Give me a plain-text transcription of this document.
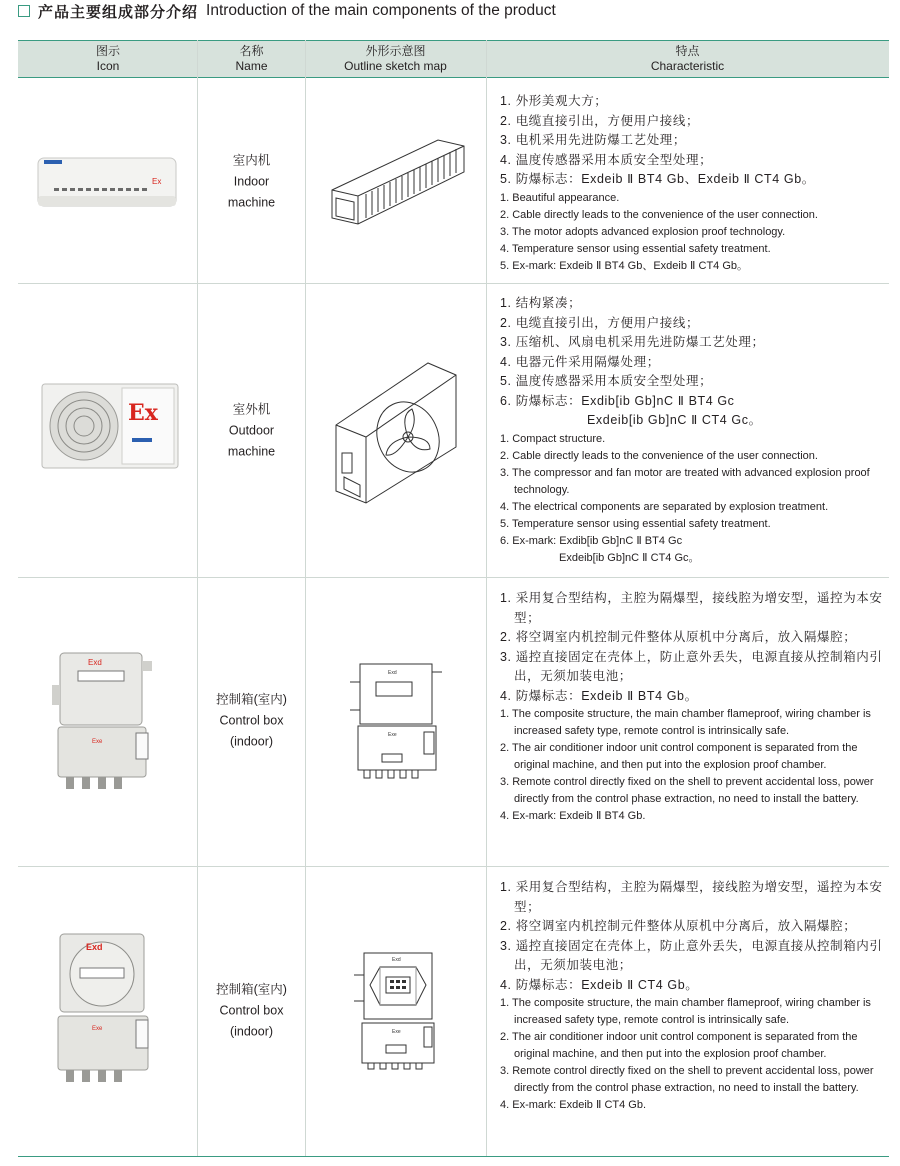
产品主要组成部分介绍 Introduction of the main components of the product
图示
Icon
名称
Name
外形示意图
Outline sketch map
特点
Characteristic
Ex
室内机
Indoor
machine
1. 外形美观大方；
2. 电缆直接引出，方便用户接线；
3. 电机采用先进防爆工艺处理；
4. 温度传感器采用本质安全型处理；
5. 防爆标志：Exdeib Ⅱ BT4 Gb、Exdeib Ⅱ CT4 Gb。
1. Beautiful appearance.
2. Cable directly leads to the convenience of the user connection.
3. The motor adopts advanced explosion proof technology.
4. Temperature sensor using essential safety treatment.
5. Ex-mark: Exdeib Ⅱ BT4 Gb、Exdeib Ⅱ CT4 Gb。
Ex	室外机
Outdoor
machine
1. 结构紧凑；
2. 电缆直接引出，方便用户接线；
3. 压缩机、风扇电机采用先进防爆工艺处理；
4. 电器元件采用隔爆处理；
5. 温度传感器采用本质安全型处理；
6. 防爆标志：Exdib[ib Gb]nC Ⅱ BT4 Gc
Exdeib[ib Gb]nC Ⅱ CT4 Gc。
1. Compact structure.
2. Cable directly leads to the convenience of the user connection.
3. The compressor and fan motor are treated with advanced explosion proof technology.
4. The electrical components are separated by explosion treatment.
5. Temperature sensor using essential safety treatment.
6. Ex-mark: Exdib[ib Gb]nC Ⅱ BT4 Gc
Exdeib[ib Gb]nC Ⅱ CT4 Gc。
Exd
Exe
控制箱(室内)
Control box
(indoor)
Exd
Exe
1. 采用复合型结构，主腔为隔爆型，接线腔为增安型，遥控为本安型；
2. 将空调室内机控制元件整体从原机中分离后，放入隔爆腔；
3. 遥控直接固定在壳体上，防止意外丢失，电源直接从控制箱内引出，无须加装电池；
4. 防爆标志：Exdeib Ⅱ BT4 Gb。
1. The composite structure, the main chamber flameproof, wiring chamber is increased safety type, remote control is intrinsically safe.
2. The air conditioner indoor unit control component is separated from the original machine, and then put into the explosion proof chamber.
3. Remote control directly fixed on the shell to prevent accidental loss, power directly from the control phase extraction, no need to install the battery.
4. Ex-mark: Exdeib Ⅱ BT4 Gb.
Exd
Exe
控制箱(室内)
Control box
(indoor)
Exd
Exe
1. 采用复合型结构，主腔为隔爆型，接线腔为增安型，遥控为本安型；
2. 将空调室内机控制元件整体从原机中分离后，放入隔爆腔；
3. 遥控直接固定在壳体上，防止意外丢失，电源直接从控制箱内引出，无须加装电池；
4. 防爆标志：Exdeib Ⅱ CT4 Gb。
1. The composite structure, the main chamber flameproof, wiring chamber is increased safety type, remote control is intrinsically safe.
2. The air conditioner indoor unit control component is separated from the original machine, and then put into the explosion proof chamber.
3. Remote control directly fixed on the shell to prevent accidental loss, power directly from the control phase extraction, no need to install the battery.
4. Ex-mark: Exdeib Ⅱ CT4 Gb.
